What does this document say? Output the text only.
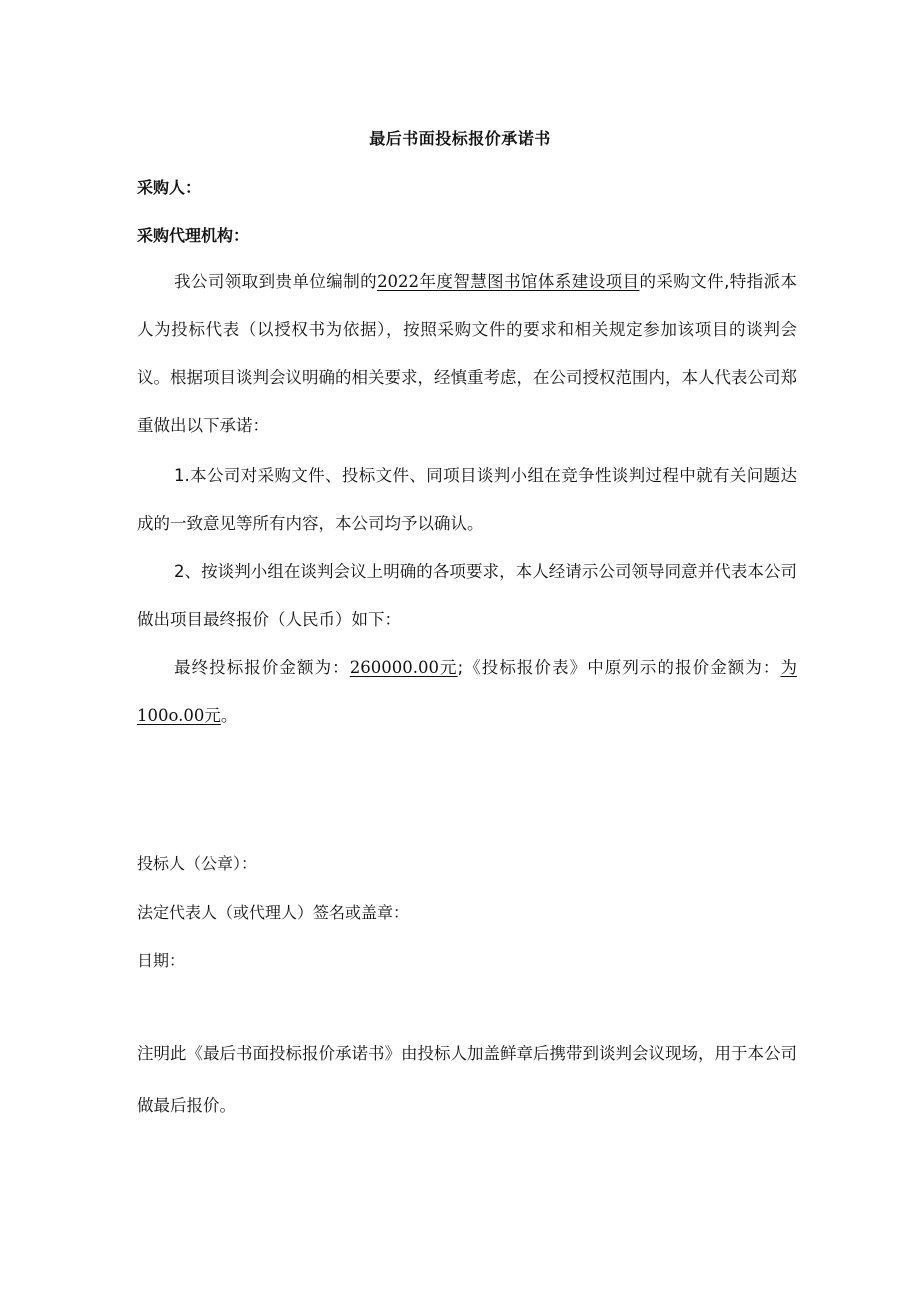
最后书面投标报价承诺书
采购人：
采购代理机构：

我公司领取到贵单位编制的2022年度智慧图书馆体系建设项目的采购文件,特指派本人为投标代表（以授权书为依据），按照采购文件的要求和相关规定参加该项目的谈判会议。根据项目谈判会议明确的相关要求，经慎重考虑，在公司授权范围内，本人代表公司郑重做出以下承诺：

1.本公司对采购文件、投标文件、同项目谈判小组在竞争性谈判过程中就有关问题达成的一致意见等所有内容，本公司均予以确认。

2、按谈判小组在谈判会议上明确的各项要求，本人经请示公司领导同意并代表本公司做出项目最终报价（人民币）如下：

最终投标报价金额为：260000.00元;《投标报价表》中原列示的报价金额为：为100o.00元。

投标人（公章）：
法定代表人（或代理人）签名或盖章：
日期：

注明此《最后书面投标报价承诺书》由投标人加盖鲜章后携带到谈判会议现场，用于本公司做最后报价。
